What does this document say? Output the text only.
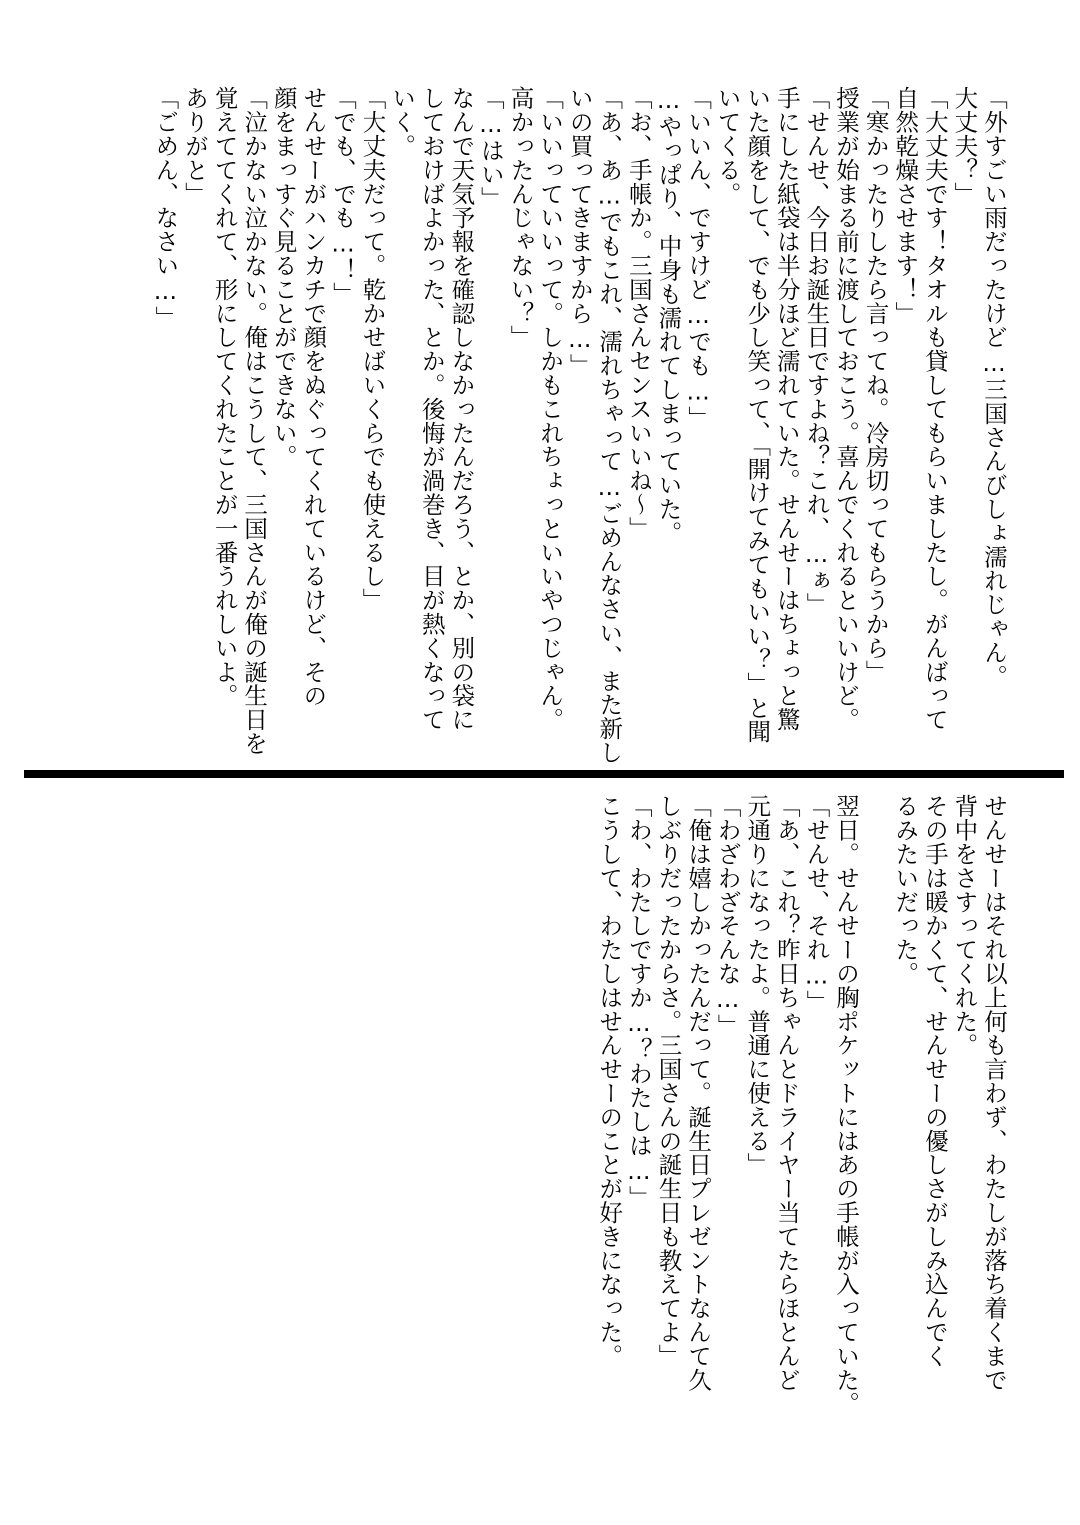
「外すごい雨だったけど…三国さんびしょ濡れじゃん。

大丈夫？」

「大丈夫です！タオルも貸してもらいましたし。がんばって

自然乾燥させます！」

「寒かったりしたら言ってね。冷房切ってもらうから」

授業が始まる前に渡しておこう。喜んでくれるといいけど。

「せんせ、今日お誕生日ですよね？これ、…ぁ」

手にした紙袋は半分ほど濡れていた。せんせーはちょっと驚

いた顔をして、でも少し笑って、「開けてみてもいい？」と聞

いてくる。

「いいん、ですけど…でも…」

…やっぱり、中身も濡れてしまっていた。

「お、手帳か。三国さんセンスいいね～」

「あ、あ…でもこれ、濡れちゃって…ごめんなさい、また新し

いの買ってきますから…」

「いいっていいって。しかもこれちょっといいやつじゃん。

高かったんじゃない？」

「…はい」

なんで天気予報を確認しなかったんだろう、とか、別の袋に

しておけばよかった、とか。後悔が渦巻き、目が熱くなって

いく。

「大丈夫だって。乾かせばいくらでも使えるし」

「でも、でも…！」

せんせーがハンカチで顔をぬぐってくれているけど、その

顔をまっすぐ見ることができない。

「泣かない泣かない。俺はこうして、三国さんが俺の誕生日を

覚えててくれて、形にしてくれたことが一番うれしいよ。

ありがと」

「ごめん、なさい…」

せんせーはそれ以上何も言わず、わたしが落ち着くまで

背中をさすってくれた。

その手は暖かくて、せんせーの優しさがしみ込んでく

るみたいだった。

翌日。せんせーの胸ポケットにはあの手帳が入っていた。

「せんせ、それ…」

「あ、これ？昨日ちゃんとドライヤー当てたらほとんど

元通りになったよ。普通に使える」

「わざわざそんな…」

「俺は嬉しかったんだって。誕生日プレゼントなんて久

しぶりだったからさ。三国さんの誕生日も教えてよ」

「わ、わたしですか…？わたしは…」

こうして、わたしはせんせーのことが好きになった。
